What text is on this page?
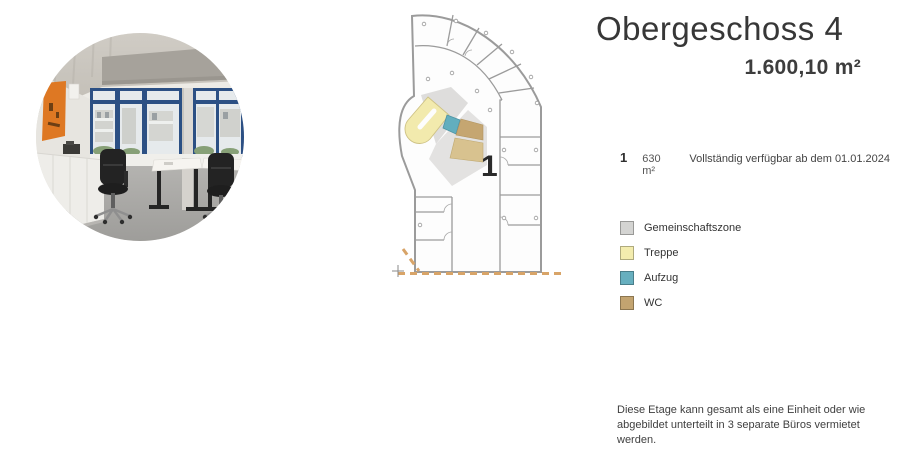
1
Obergeschoss 4
1.600,10 m²
1 630 m²
Vollständig verfügbar ab dem 01.01.2024
Gemeinschaftszone
Treppe
Aufzug
WC
Diese Etage kann gesamt als eine Einheit oder wie
abgebildet unterteilt in 3 separate Büros vermietet werden.
